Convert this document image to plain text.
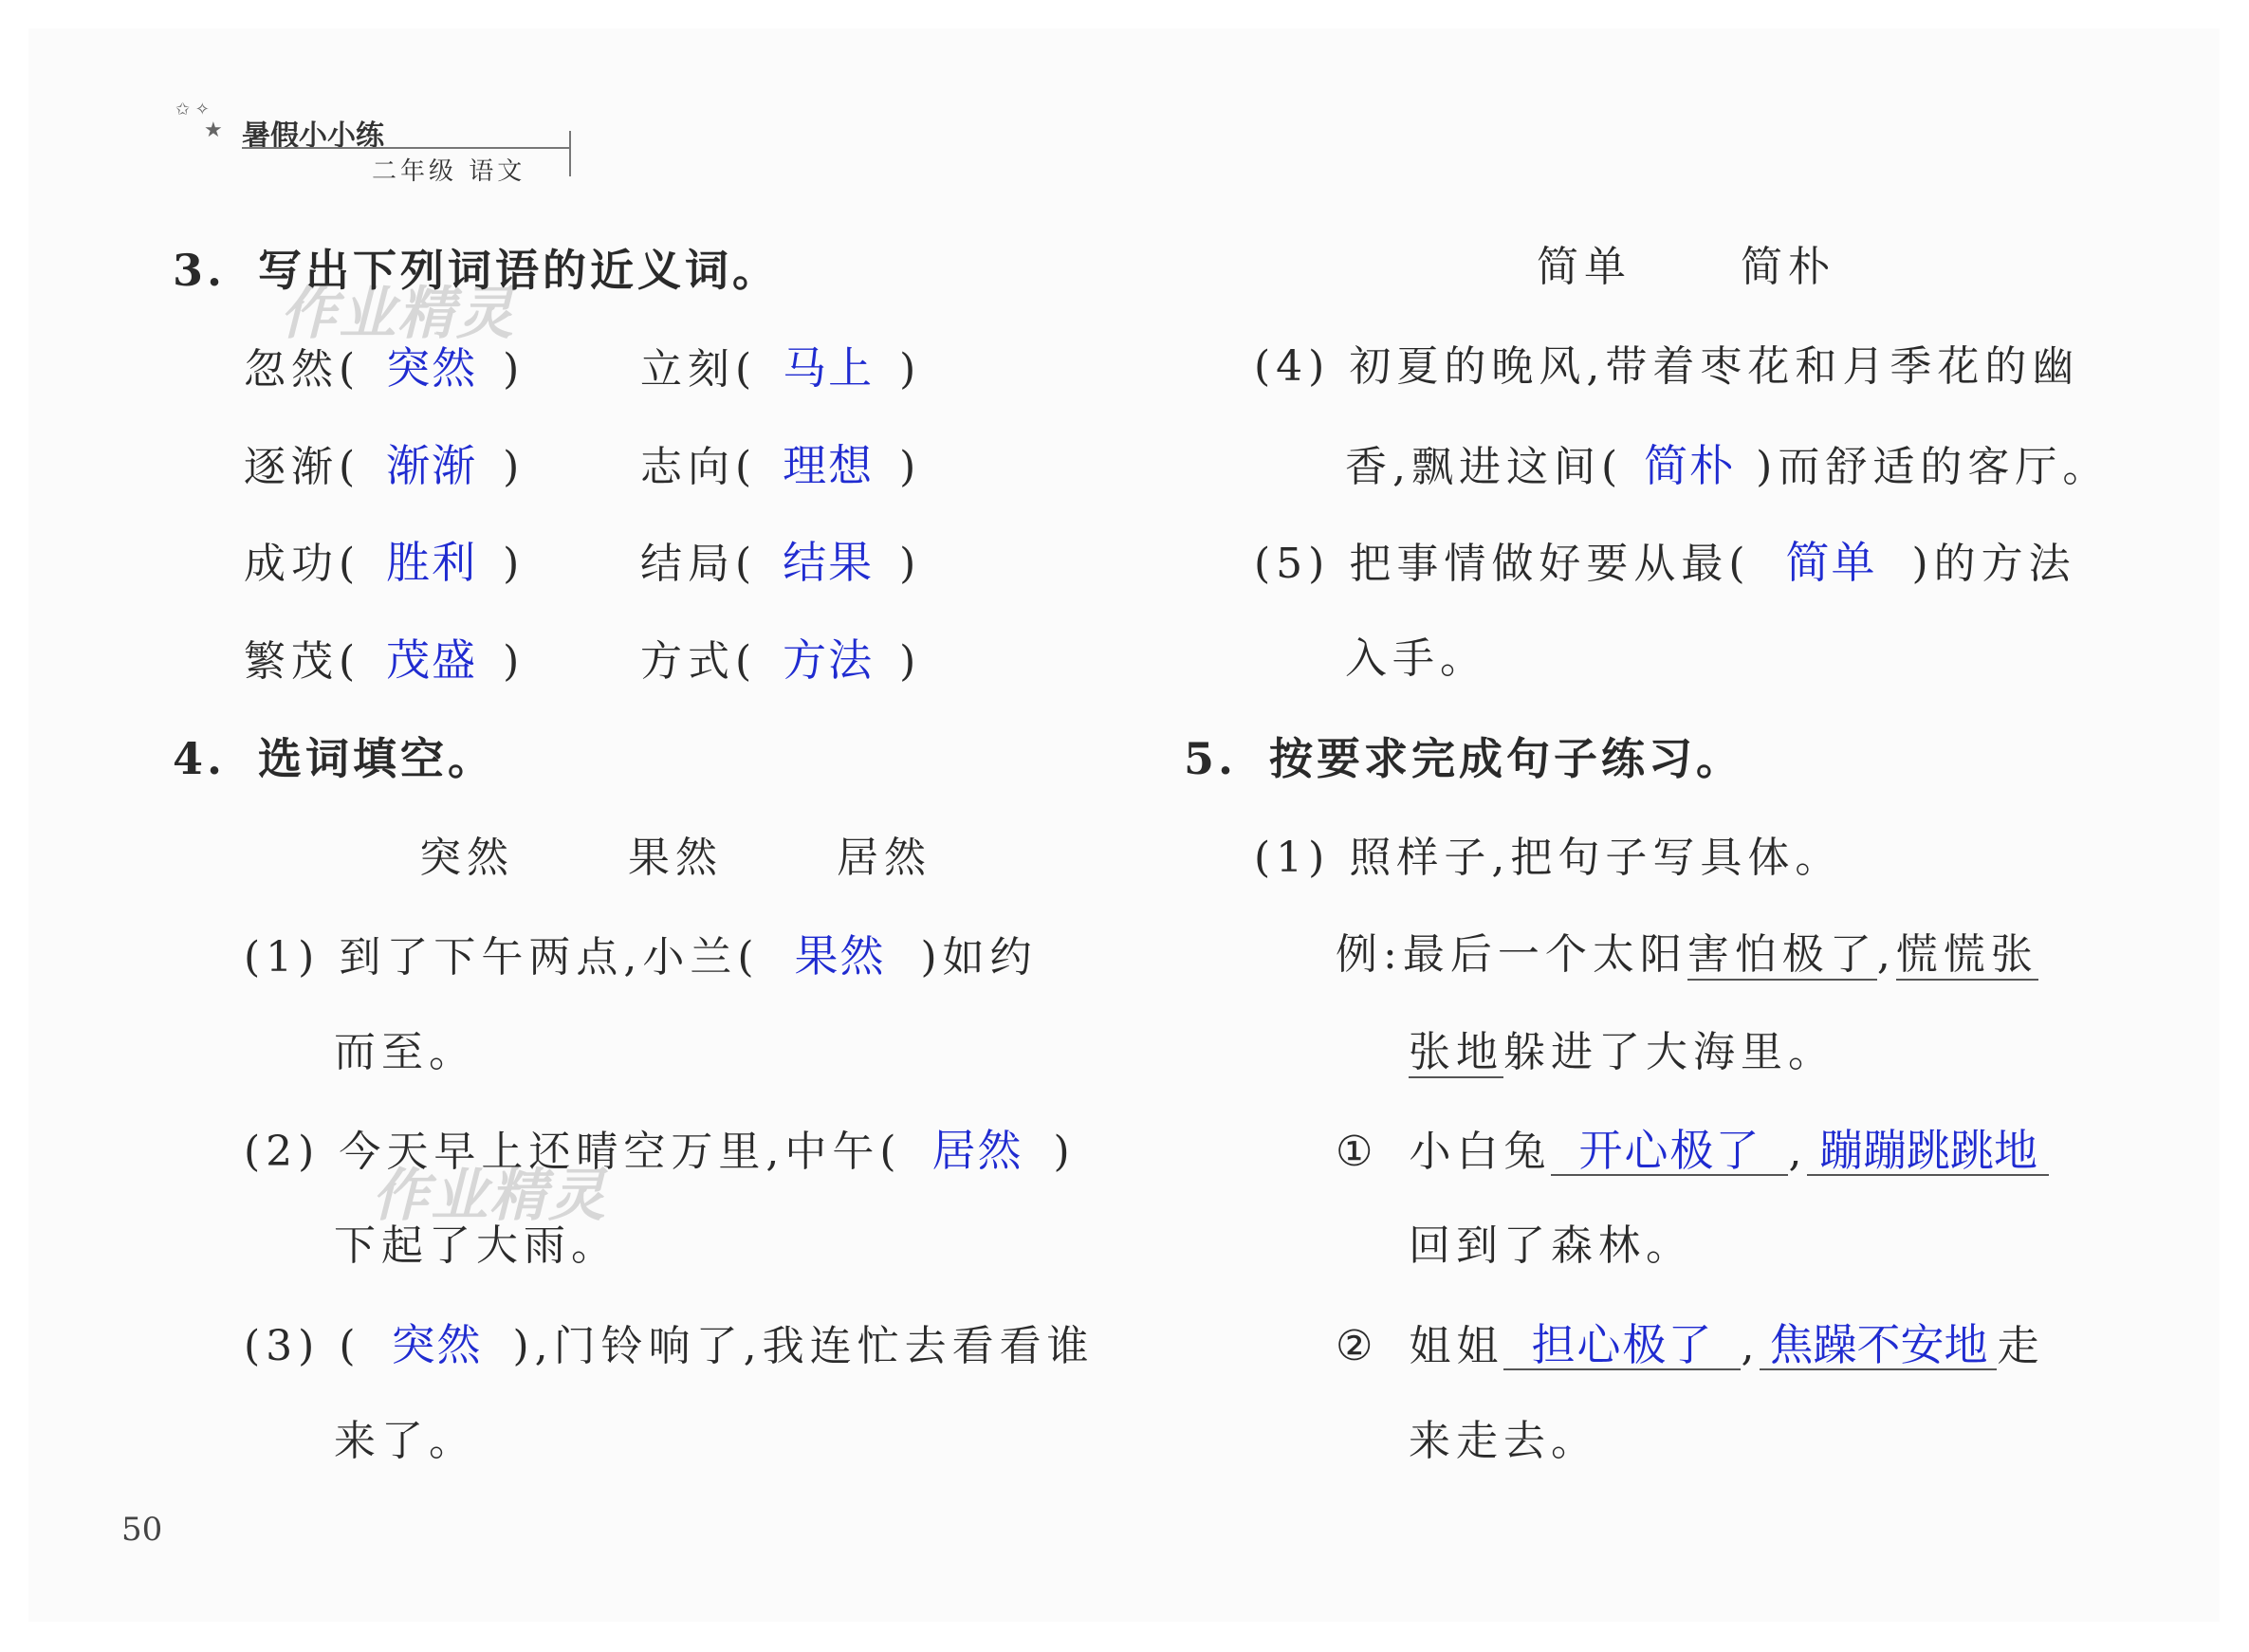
✩ ✧
★ 暑假小小练
二年级 语文
作业精灵
作业精灵
3. 写出下列词语的近义词。
忽然( 突然 )	立刻( 马上 )
逐渐( 渐渐 )	志向( 理想 )
成功( 胜利 )	结局( 结果 )
繁茂( 茂盛 )	方式( 方法 )
4. 选词填空。
突然	果然	居然
(1) 到了下午两点,小兰( 果然 )如约
而至。
(2) 今天早上还晴空万里,中午( 居然 )
下起了大雨。
(3) ( 突然 ),门铃响了,我连忙去看看谁
来了。
简单	简朴
(4) 初夏的晚风,带着枣花和月季花的幽
香,飘进这间( 简朴 )而舒适的客厅。
(5) 把事情做好要从最( 简单 )的方法
入手。
5. 按要求完成句子练习。
(1) 照样子,把句子写具体。
例:最后一个太阳害怕极了,慌慌张
张地躲进了大海里。
① 小白兔 开心极了 , 蹦蹦跳跳地
回到了森林。
② 姐姐 担心极了 , 焦躁不安地 走
来走去。
50
